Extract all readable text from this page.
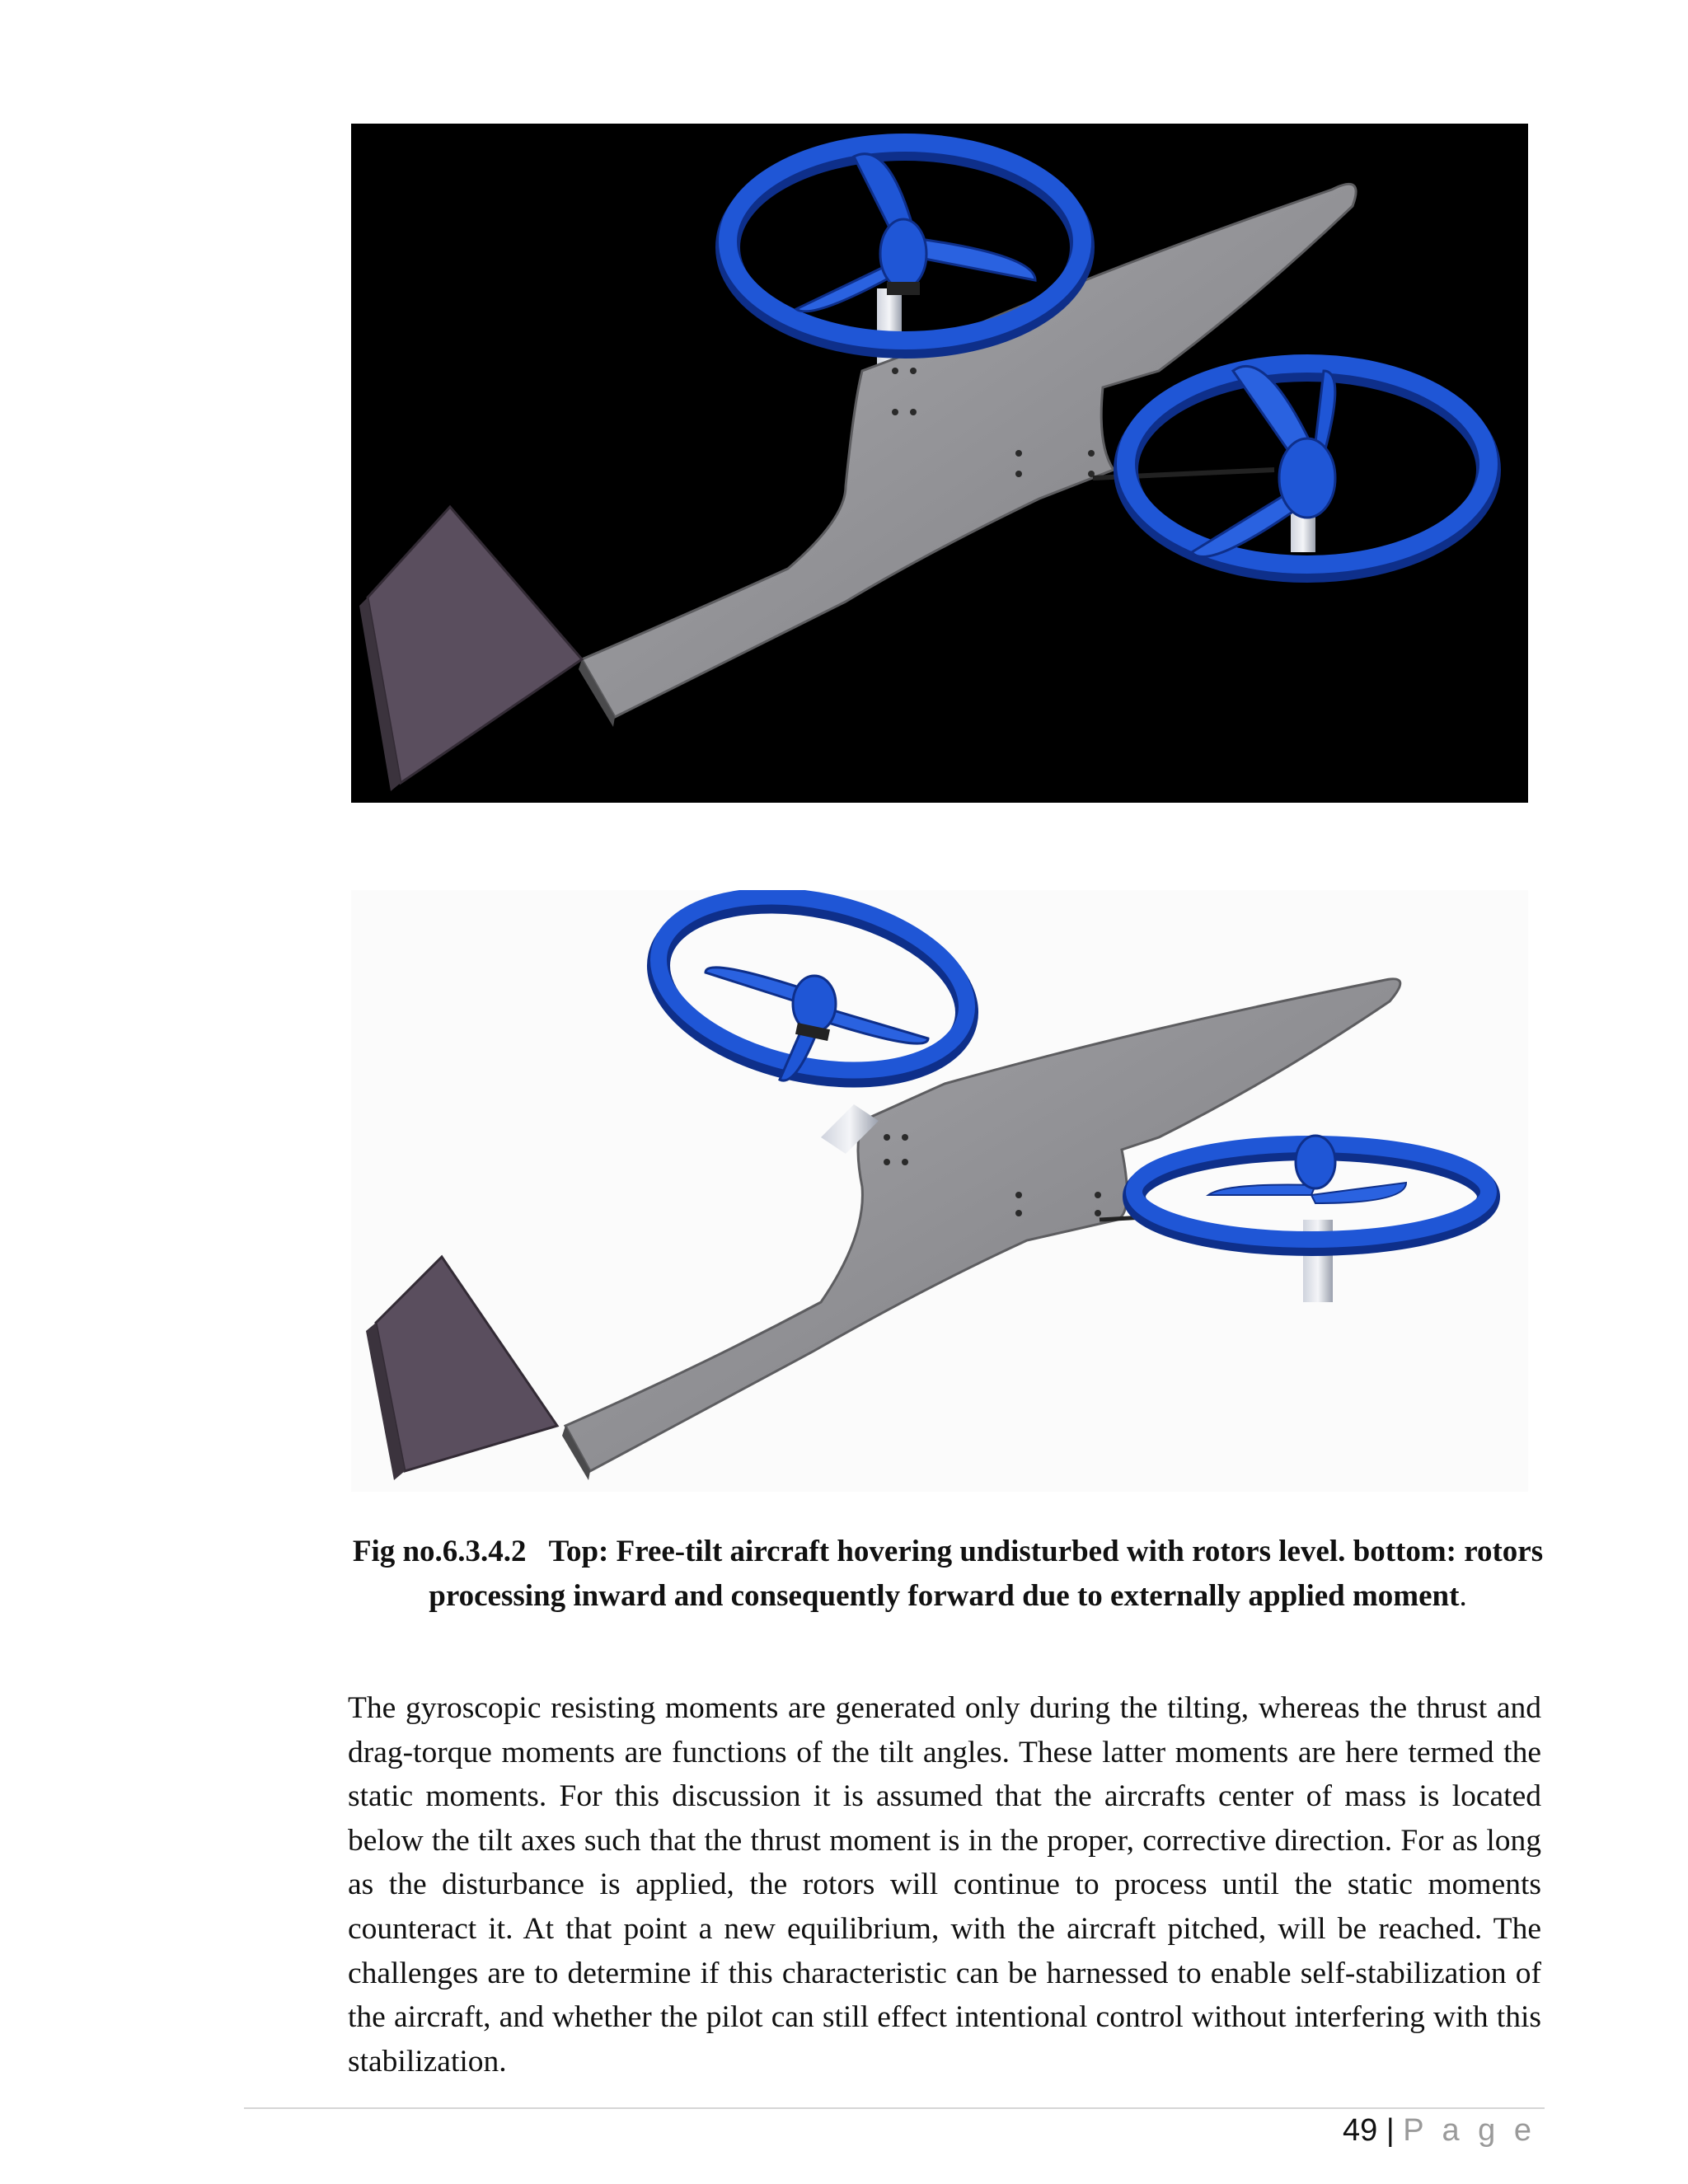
Fig no.6.3.4.2 Top: Free-tilt aircraft hovering undisturbed with rotors level. bottom: rotors processing inward and consequently forward due to externally applied moment.
The gyroscopic resisting moments are generated only during the tilting, whereas the thrust and drag-torque moments are functions of the tilt angles. These latter moments are here termed the static moments. For this discussion it is assumed that the aircrafts center of mass is located below the tilt axes such that the thrust moment is in the proper, corrective direction. For as long as the disturbance is applied, the rotors will continue to process until the static moments counteract it. At that point a new equilibrium, with the aircraft pitched, will be reached. The challenges are to determine if this characteristic can be harnessed to enable self-stabilization of the aircraft, and whether the pilot can still effect intentional control without interfering with this stabilization.
49 | P a g e
